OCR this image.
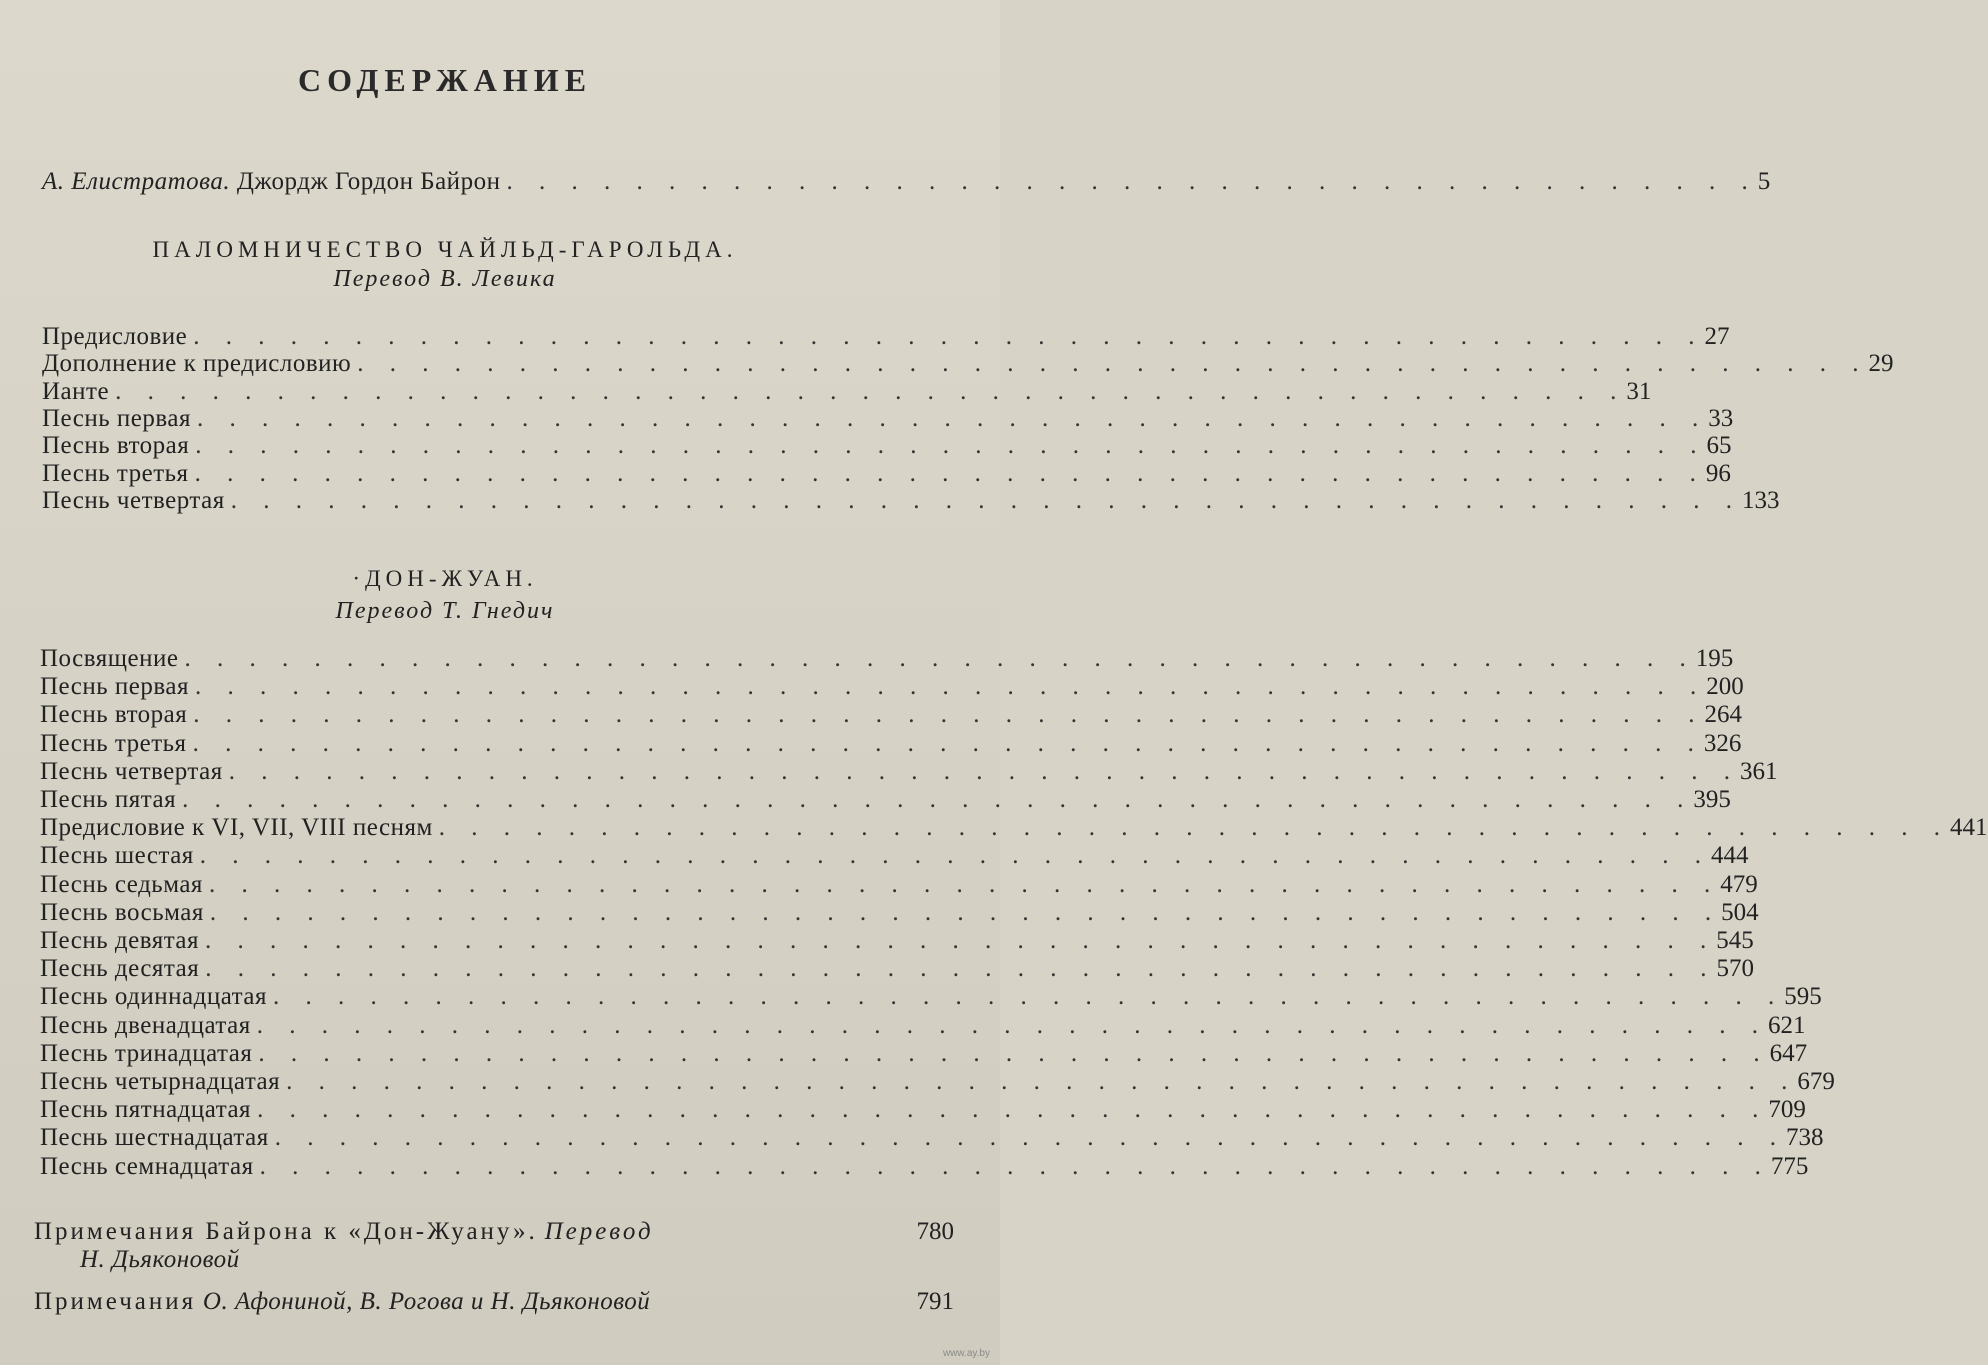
СОДЕРЖАНИЕ
А. Елистратова. Джордж Гордон Байрон . . . . . . . . . . . . . . . . . . . . . . . . . . . . . . . . . . . . . . . 5
ПАЛОМНИЧЕСТВО ЧАЙЛЬД-ГАРОЛЬДА.
Перевод В. Левика
Предисловие . . . . . . . . . . . . . . . . . . . . . . . . . . . . . . . . . . . . . . . . . . . . . . . 27
Дополнение к предисловию . . . . . . . . . . . . . . . . . . . . . . . . . . . . . . . . . . . . . . . . . . . . . . . 29
Ианте . . . . . . . . . . . . . . . . . . . . . . . . . . . . . . . . . . . . . . . . . . . . . . . 31
Песнь первая . . . . . . . . . . . . . . . . . . . . . . . . . . . . . . . . . . . . . . . . . . . . . . . 33
Песнь вторая . . . . . . . . . . . . . . . . . . . . . . . . . . . . . . . . . . . . . . . . . . . . . . . 65
Песнь третья . . . . . . . . . . . . . . . . . . . . . . . . . . . . . . . . . . . . . . . . . . . . . . . 96
Песнь четвертая . . . . . . . . . . . . . . . . . . . . . . . . . . . . . . . . . . . . . . . . . . . . . . . 133
·ДОН-ЖУАН.
Перевод Т. Гнедич
Посвящение . . . . . . . . . . . . . . . . . . . . . . . . . . . . . . . . . . . . . . . . . . . . . . . 195
Песнь первая . . . . . . . . . . . . . . . . . . . . . . . . . . . . . . . . . . . . . . . . . . . . . . . 200
Песнь вторая . . . . . . . . . . . . . . . . . . . . . . . . . . . . . . . . . . . . . . . . . . . . . . . 264
Песнь третья . . . . . . . . . . . . . . . . . . . . . . . . . . . . . . . . . . . . . . . . . . . . . . . 326
Песнь четвертая . . . . . . . . . . . . . . . . . . . . . . . . . . . . . . . . . . . . . . . . . . . . . . . 361
Песнь пятая . . . . . . . . . . . . . . . . . . . . . . . . . . . . . . . . . . . . . . . . . . . . . . . 395
Предисловие к VI, VII, VIII песням . . . . . . . . . . . . . . . . . . . . . . . . . . . . . . . . . . . . . . . . . . . . . . . 441
Песнь шестая . . . . . . . . . . . . . . . . . . . . . . . . . . . . . . . . . . . . . . . . . . . . . . . 444
Песнь седьмая . . . . . . . . . . . . . . . . . . . . . . . . . . . . . . . . . . . . . . . . . . . . . . . 479
Песнь восьмая . . . . . . . . . . . . . . . . . . . . . . . . . . . . . . . . . . . . . . . . . . . . . . . 504
Песнь девятая . . . . . . . . . . . . . . . . . . . . . . . . . . . . . . . . . . . . . . . . . . . . . . . 545
Песнь десятая . . . . . . . . . . . . . . . . . . . . . . . . . . . . . . . . . . . . . . . . . . . . . . . 570
Песнь одиннадцатая . . . . . . . . . . . . . . . . . . . . . . . . . . . . . . . . . . . . . . . . . . . . . . . 595
Песнь двенадцатая . . . . . . . . . . . . . . . . . . . . . . . . . . . . . . . . . . . . . . . . . . . . . . . 621
Песнь тринадцатая . . . . . . . . . . . . . . . . . . . . . . . . . . . . . . . . . . . . . . . . . . . . . . . 647
Песнь четырнадцатая . . . . . . . . . . . . . . . . . . . . . . . . . . . . . . . . . . . . . . . . . . . . . . . 679
Песнь пятнадцатая . . . . . . . . . . . . . . . . . . . . . . . . . . . . . . . . . . . . . . . . . . . . . . . 709
Песнь шестнадцатая . . . . . . . . . . . . . . . . . . . . . . . . . . . . . . . . . . . . . . . . . . . . . . . 738
Песнь семнадцатая . . . . . . . . . . . . . . . . . . . . . . . . . . . . . . . . . . . . . . . . . . . . . . . 775
Примечания Байрона к «Дон-Жуану». Перевод	780
Н. Дьяконовой
Примечания О. Афониной, В. Рогова и Н. Дьяконовой	791
www.ay.by
